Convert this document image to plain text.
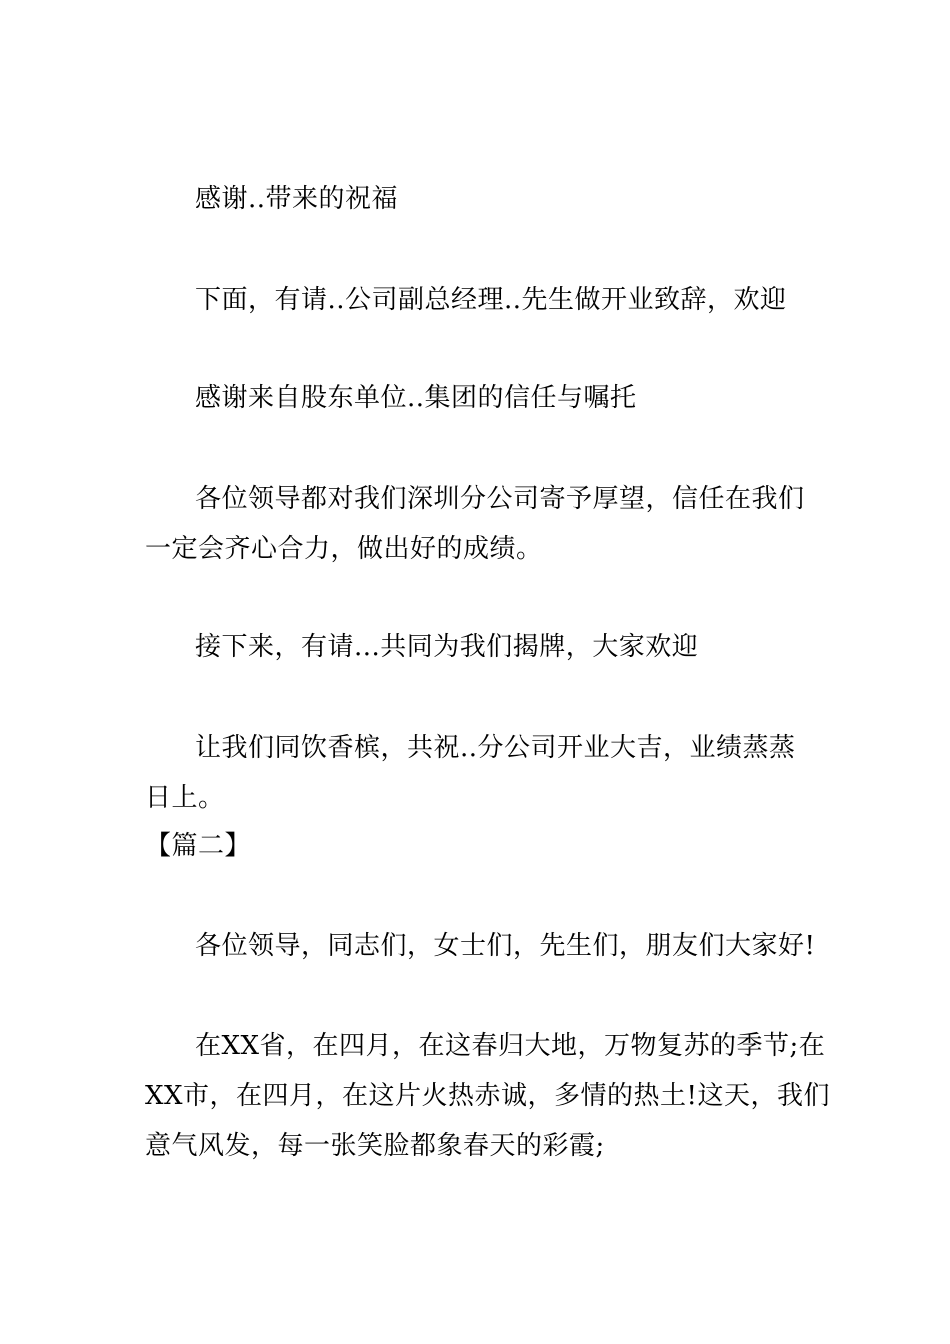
感谢..带来的祝福
下面，有请..公司副总经理..先生做开业致辞，欢迎
感谢来自股东单位..集团的信任与嘱托
各位领导都对我们深圳分公司寄予厚望，信任在我们
一定会齐心合力，做出好的成绩。
接下来，有请...共同为我们揭牌，大家欢迎
让我们同饮香槟，共祝..分公司开业大吉，业绩蒸蒸
日上。
【篇二】
各位领导，同志们，女士们，先生们，朋友们大家好!
在XX省，在四月，在这春归大地，万物复苏的季节;在
XX市，在四月，在这片火热赤诚，多情的热土!这天，我们
意气风发，每一张笑脸都象春天的彩霞;
